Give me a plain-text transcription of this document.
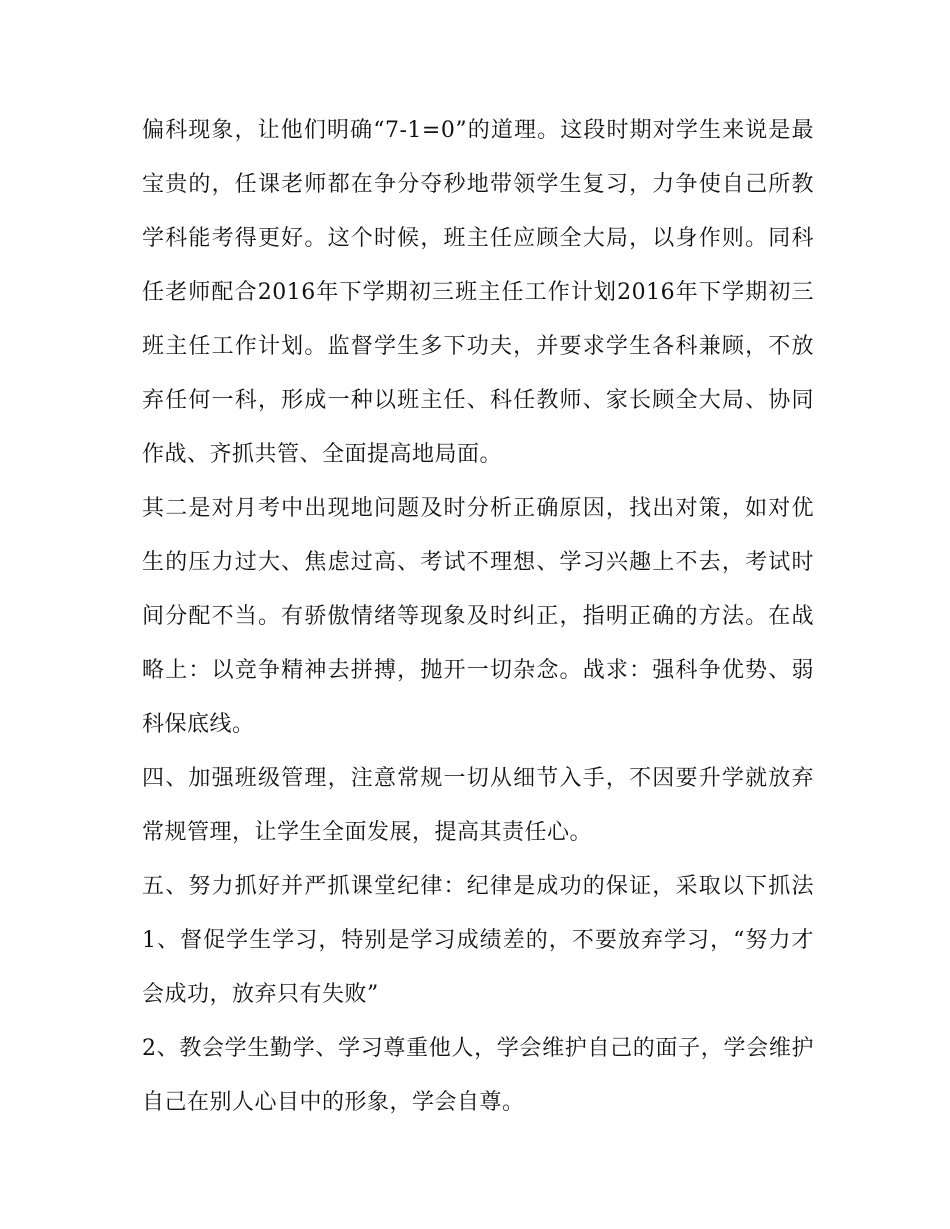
偏科现象，让他们明确“7-1=0”的道理。这段时期对学生来说是最宝贵的，任课老师都在争分夺秒地带领学生复习，力争使自己所教学科能考得更好。这个时候，班主任应顾全大局，以身作则。同科任老师配合2016年下学期初三班主任工作计划2016年下学期初三班主任工作计划。监督学生多下功夫，并要求学生各科兼顾，不放弃任何一科，形成一种以班主任、科任教师、家长顾全大局、协同作战、齐抓共管、全面提高地局面。

其二是对月考中出现地问题及时分析正确原因，找出对策，如对优生的压力过大、焦虑过高、考试不理想、学习兴趣上不去，考试时间分配不当。有骄傲情绪等现象及时纠正，指明正确的方法。在战略上：以竞争精神去拼搏，抛开一切杂念。战求：强科争优势、弱科保底线。

四、加强班级管理，注意常规一切从细节入手，不因要升学就放弃常规管理，让学生全面发展，提高其责任心。

五、努力抓好并严抓课堂纪律：纪律是成功的保证，采取以下抓法1、督促学生学习，特别是学习成绩差的，不要放弃学习，“努力才会成功，放弃只有失败”

2、教会学生勤学、学习尊重他人，学会维护自己的面子，学会维护自己在别人心目中的形象，学会自尊。
